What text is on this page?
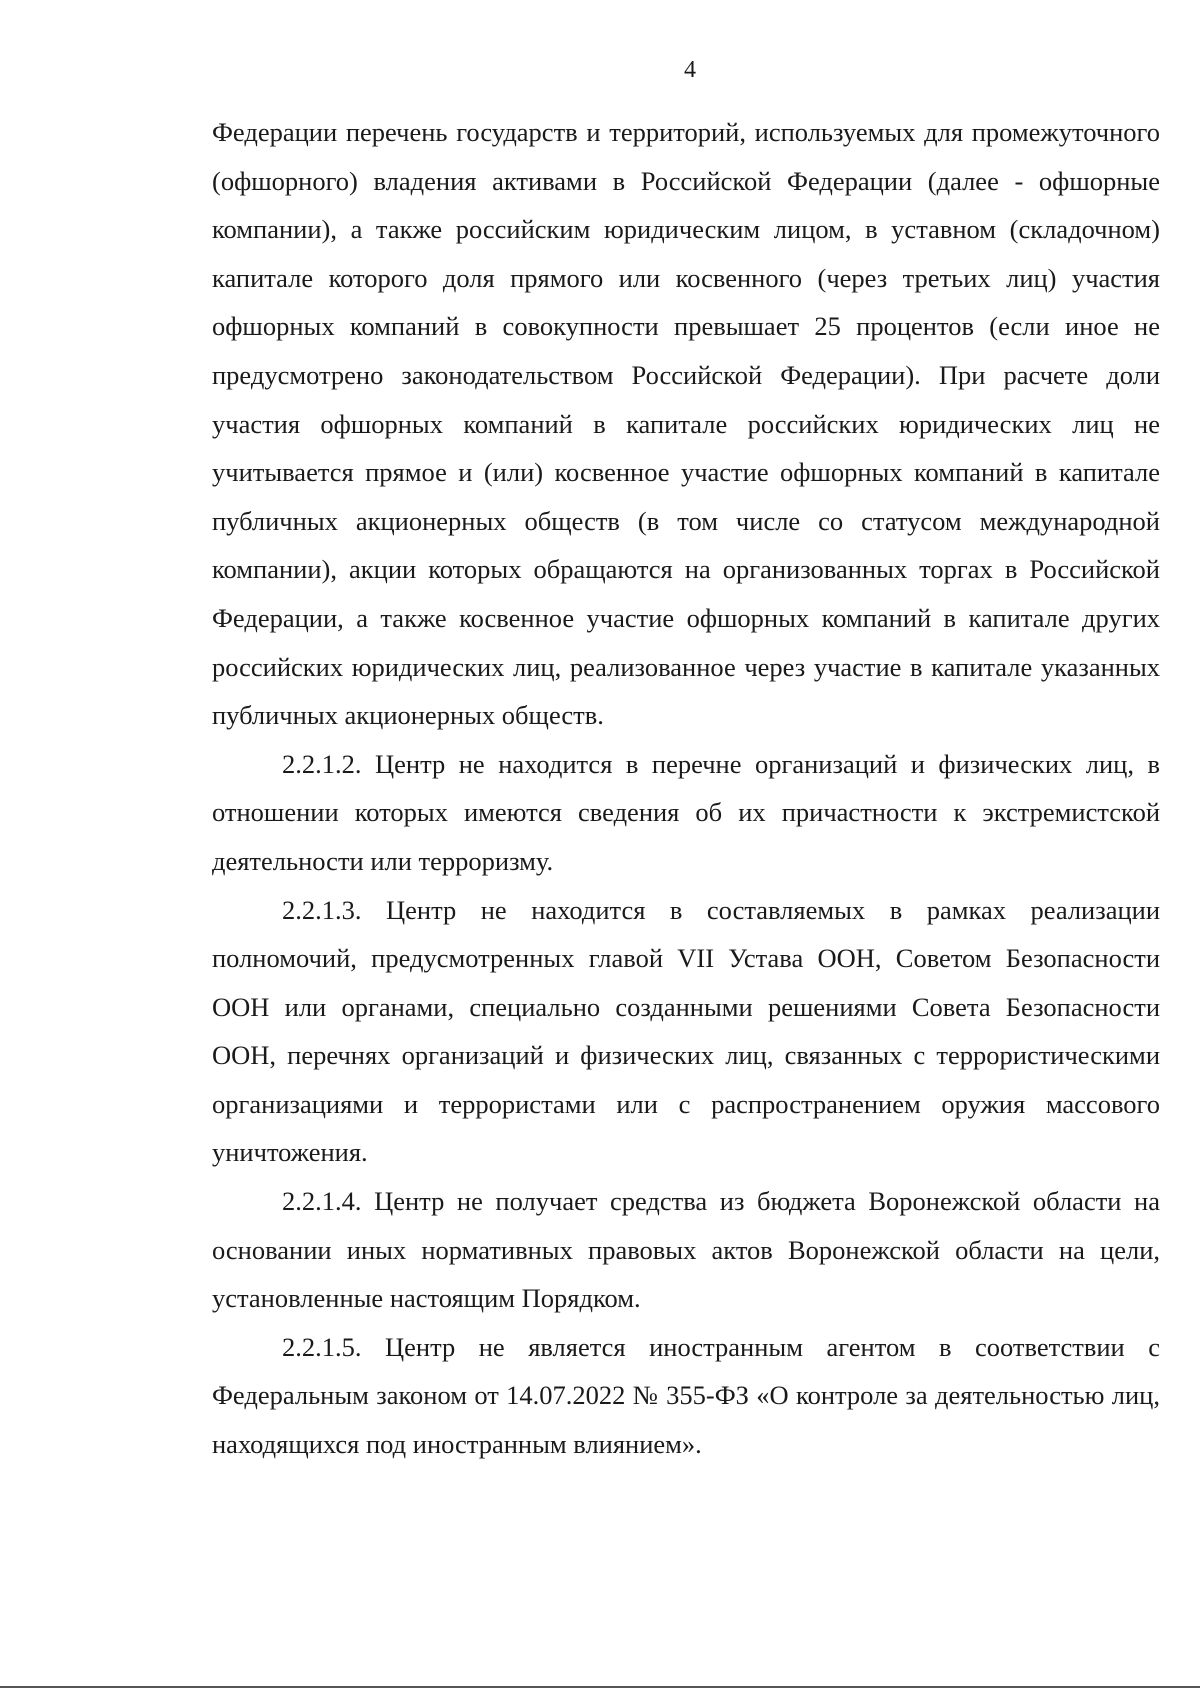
4

Федерации перечень государств и территорий, используемых для промежуточного (офшорного) владения активами в Российской Федерации (далее - офшорные компании), а также российским юридическим лицом, в уставном (складочном) капитале которого доля прямого или косвенного (через третьих лиц) участия офшорных компаний в совокупности превышает 25 процентов (если иное не предусмотрено законодательством Российской Федерации). При расчете доли участия офшорных компаний в капитале российских юридических лиц не учитывается прямое и (или) косвенное участие офшорных компаний в капитале публичных акционерных обществ (в том числе со статусом международной компании), акции которых обращаются на организованных торгах в Российской Федерации, а также косвенное участие офшорных компаний в капитале других российских юридических лиц, реализованное через участие в капитале указанных публичных акционерных обществ.

2.2.1.2. Центр не находится в перечне организаций и физических лиц, в отношении которых имеются сведения об их причастности к экстремистской деятельности или терроризму.

2.2.1.3. Центр не находится в составляемых в рамках реализации полномочий, предусмотренных главой VII Устава ООН, Советом Безопасности ООН или органами, специально созданными решениями Совета Безопасности ООН, перечнях организаций и физических лиц, связанных с террористическими организациями и террористами или с распространением оружия массового уничтожения.

2.2.1.4. Центр не получает средства из бюджета Воронежской области на основании иных нормативных правовых актов Воронежской области на цели, установленные настоящим Порядком.

2.2.1.5. Центр не является иностранным агентом в соответствии с Федеральным законом от 14.07.2022 № 355-ФЗ «О контроле за деятельностью лиц, находящихся под иностранным влиянием».
